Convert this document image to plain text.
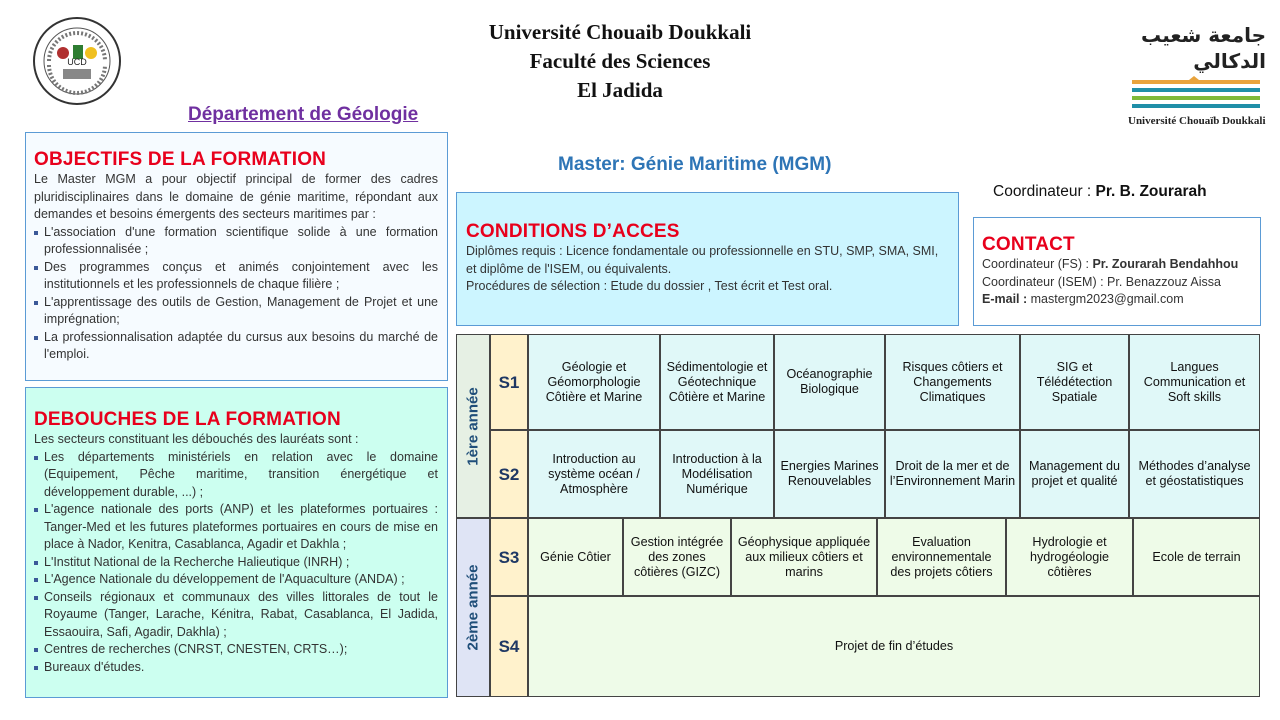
UCD
جامعة شعيب الدكالي
Université Chouaïb Doukkali
Université Chouaib Doukkali
Faculté des Sciences
El Jadida
Département de Géologie
OBJECTIFS DE LA FORMATION
Le Master MGM a pour objectif principal de former des cadres pluridisciplinaires dans le domaine de génie maritime, répondant aux demandes et besoins émergents des secteurs maritimes par :
L'association d'une formation scientifique solide à une formation professionnalisée ;
Des programmes conçus et animés conjointement avec les institutionnels et les professionnels de chaque filière ;
L'apprentissage des outils de Gestion, Management de Projet et une imprégnation;
La professionnalisation adaptée du cursus aux besoins du marché de l'emploi.
DEBOUCHES DE LA FORMATION
Les secteurs constituant les débouchés des lauréats sont :
Les départements ministériels en relation avec le domaine (Equipement, Pêche maritime, transition énergétique et développement durable, ...) ;
L'agence nationale des ports (ANP) et les plateformes portuaires : Tanger-Med et les futures plateformes portuaires en cours de mise en place à Nador, Kenitra, Casablanca, Agadir et Dakhla ;
L'Institut National de la Recherche Halieutique (INRH) ;
L'Agence Nationale du développement de l'Aquaculture (ANDA) ;
Conseils régionaux et communaux des villes littorales de tout le Royaume (Tanger, Larache, Kénitra, Rabat, Casablanca, El Jadida, Essaouira, Safi, Agadir, Dakhla) ;
Centres de recherches (CNRST, CNESTEN, CRTS…);
Bureaux d'études.
Master: Génie Maritime (MGM)
Coordinateur : Pr. B. Zourarah
CONDITIONS D’ACCES
Diplômes requis : Licence fondamentale ou professionnelle en STU, SMP, SMA, SMI, et diplôme de l'ISEM, ou équivalents.
Procédures de sélection : Etude du dossier , Test écrit et Test oral.
CONTACT
Coordinateur (FS) : Pr. Zourarah Bendahhou
Coordinateur (ISEM) : Pr. Benazzouz Aissa
E-mail : mastergm2023@gmail.com
1ère année
2ème année
S1
S2
S3
S4
Géologie et Géomorphologie Côtière et Marine
Sédimentologie et Géotechnique Côtière et Marine
Océanographie Biologique
Risques côtiers et Changements Climatiques
SIG et Télédétection Spatiale
Langues Communication et Soft skills
Introduction au système océan / Atmosphère
Introduction à la Modélisation Numérique
Energies Marines Renouvelables
Droit de la mer et de l’Environnement Marin
Management du projet et qualité
Méthodes d’analyse et géostatistiques
Génie Côtier
Gestion intégrée des zones côtières (GIZC)
Géophysique appliquée aux milieux côtiers et marins
Evaluation environnementale des projets côtiers
Hydrologie et hydrogéologie côtières
Ecole de terrain
Projet de fin d’études
